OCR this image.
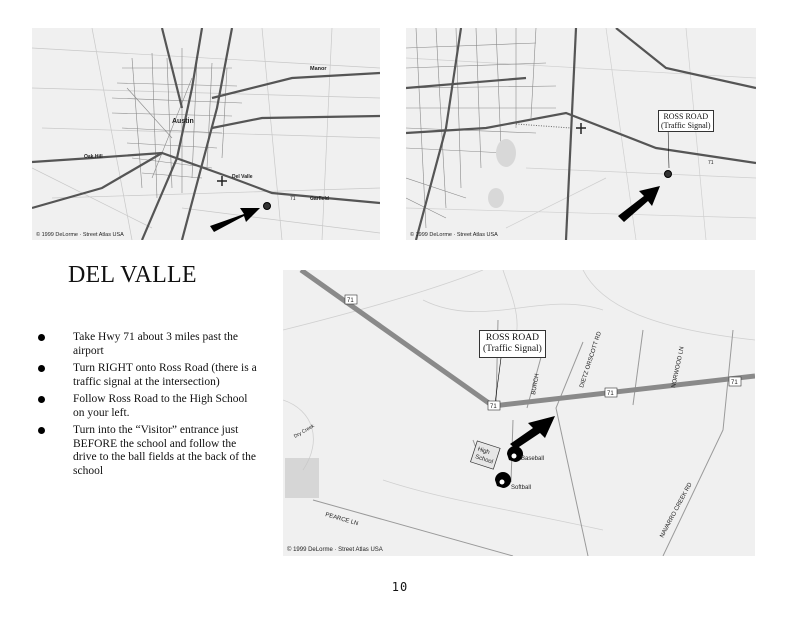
Austin
Manor
Del Valle
Garfield
Oak Hill
71
© 1999 DeLorme · Street Atlas USA
71
ROSS ROAD
(Traffic Signal)
© 1999 DeLorme · Street Atlas USA
DEL VALLE
Take Hwy 71 about 3 miles past the airport
Turn RIGHT onto Ross Road (there is a traffic signal at the intersection)
Follow Ross Road to the High School on your left.
Turn into the “Visitor” entrance just BEFORE the school and follow the drive to the ball fields at the back of the school
71
71
71
71
BURCH	DIETZ ORSCOTT RD	NORWOOD LN
NAVARRO CREEK RD
PEARCE LN
Dry Creek
High
School	Baseball
Softball
ROSS ROAD
(Traffic Signal)
© 1999 DeLorme · Street Atlas USA
10
